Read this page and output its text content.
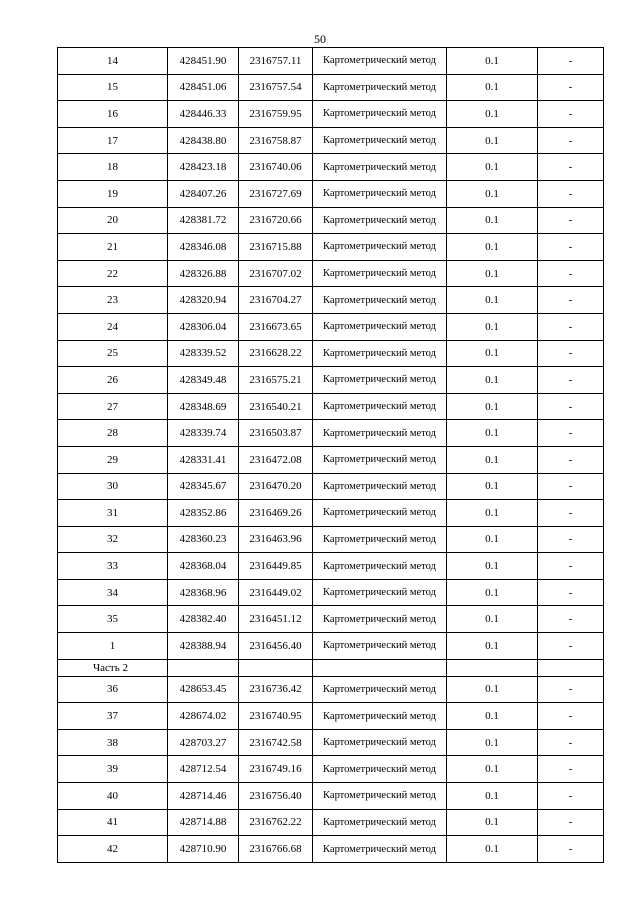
50
14	428451.90	2316757.11	Картометрический метод	0.1	-
15	428451.06	2316757.54	Картометрический метод	0.1	-
16	428446.33	2316759.95	Картометрический метод	0.1	-
17	428438.80	2316758.87	Картометрический метод	0.1	-
18	428423.18	2316740.06	Картометрический метод	0.1	-
19	428407.26	2316727.69	Картометрический метод	0.1	-
20	428381.72	2316720.66	Картометрический метод	0.1	-
21	428346.08	2316715.88	Картометрический метод	0.1	-
22	428326.88	2316707.02	Картометрический метод	0.1	-
23	428320.94	2316704.27	Картометрический метод	0.1	-
24	428306.04	2316673.65	Картометрический метод	0.1	-
25	428339.52	2316628.22	Картометрический метод	0.1	-
26	428349.48	2316575.21	Картометрический метод	0.1	-
27	428348.69	2316540.21	Картометрический метод	0.1	-
28	428339.74	2316503.87	Картометрический метод	0.1	-
29	428331.41	2316472.08	Картометрический метод	0.1	-
30	428345.67	2316470.20	Картометрический метод	0.1	-
31	428352.86	2316469.26	Картометрический метод	0.1	-
32	428360.23	2316463.96	Картометрический метод	0.1	-
33	428368.04	2316449.85	Картометрический метод	0.1	-
34	428368.96	2316449.02	Картометрический метод	0.1	-
35	428382.40	2316451.12	Картометрический метод	0.1	-
1	428388.94	2316456.40	Картометрический метод	0.1	-
Часть 2					
36	428653.45	2316736.42	Картометрический метод	0.1	-
37	428674.02	2316740.95	Картометрический метод	0.1	-
38	428703.27	2316742.58	Картометрический метод	0.1	-
39	428712.54	2316749.16	Картометрический метод	0.1	-
40	428714.46	2316756.40	Картометрический метод	0.1	-
41	428714.88	2316762.22	Картометрический метод	0.1	-
42	428710.90	2316766.68	Картометрический метод	0.1	-
